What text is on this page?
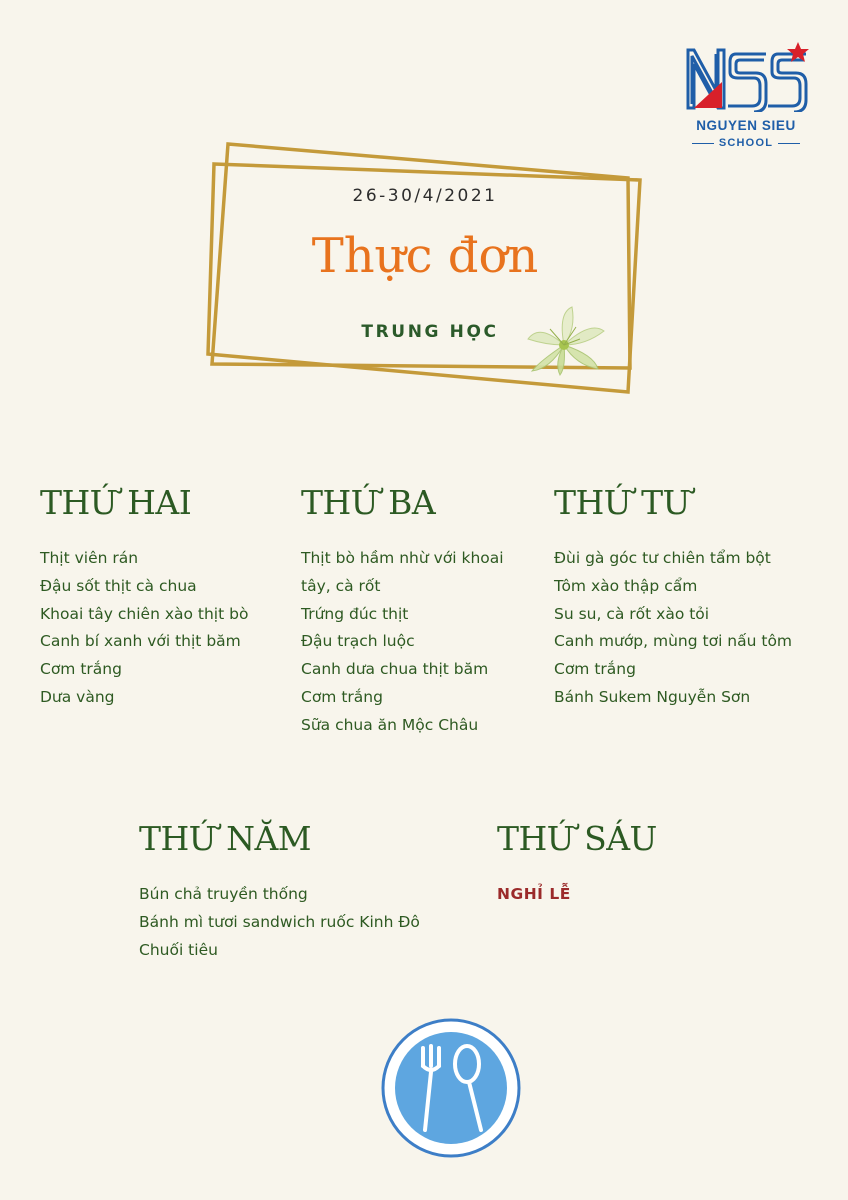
NGUYEN SIEU
SCHOOL
26-30/4/2021
Thực đơn
TRUNG HỌC
THỨ HAI
Thịt viên rán
Đậu sốt thịt cà chua
Khoai tây chiên xào thịt bò
Canh bí xanh với thịt băm
Cơm trắng
Dưa vàng
THỨ BA
Thịt bò hầm nhừ với khoai
tây, cà rốt
Trứng đúc thịt
Đậu trạch luộc
Canh dưa chua thịt băm
Cơm trắng
Sữa chua ăn Mộc Châu
THỨ TƯ
Đùi gà góc tư chiên tẩm bột
Tôm xào thập cẩm
Su su, cà rốt xào tỏi
Canh mướp, mùng tơi nấu tôm
Cơm trắng
Bánh Sukem Nguyễn Sơn
THỨ NĂM
Bún chả truyền thống
Bánh mì tươi sandwich ruốc Kinh Đô
Chuối tiêu
THỨ SÁU
NGHỈ LỄ
